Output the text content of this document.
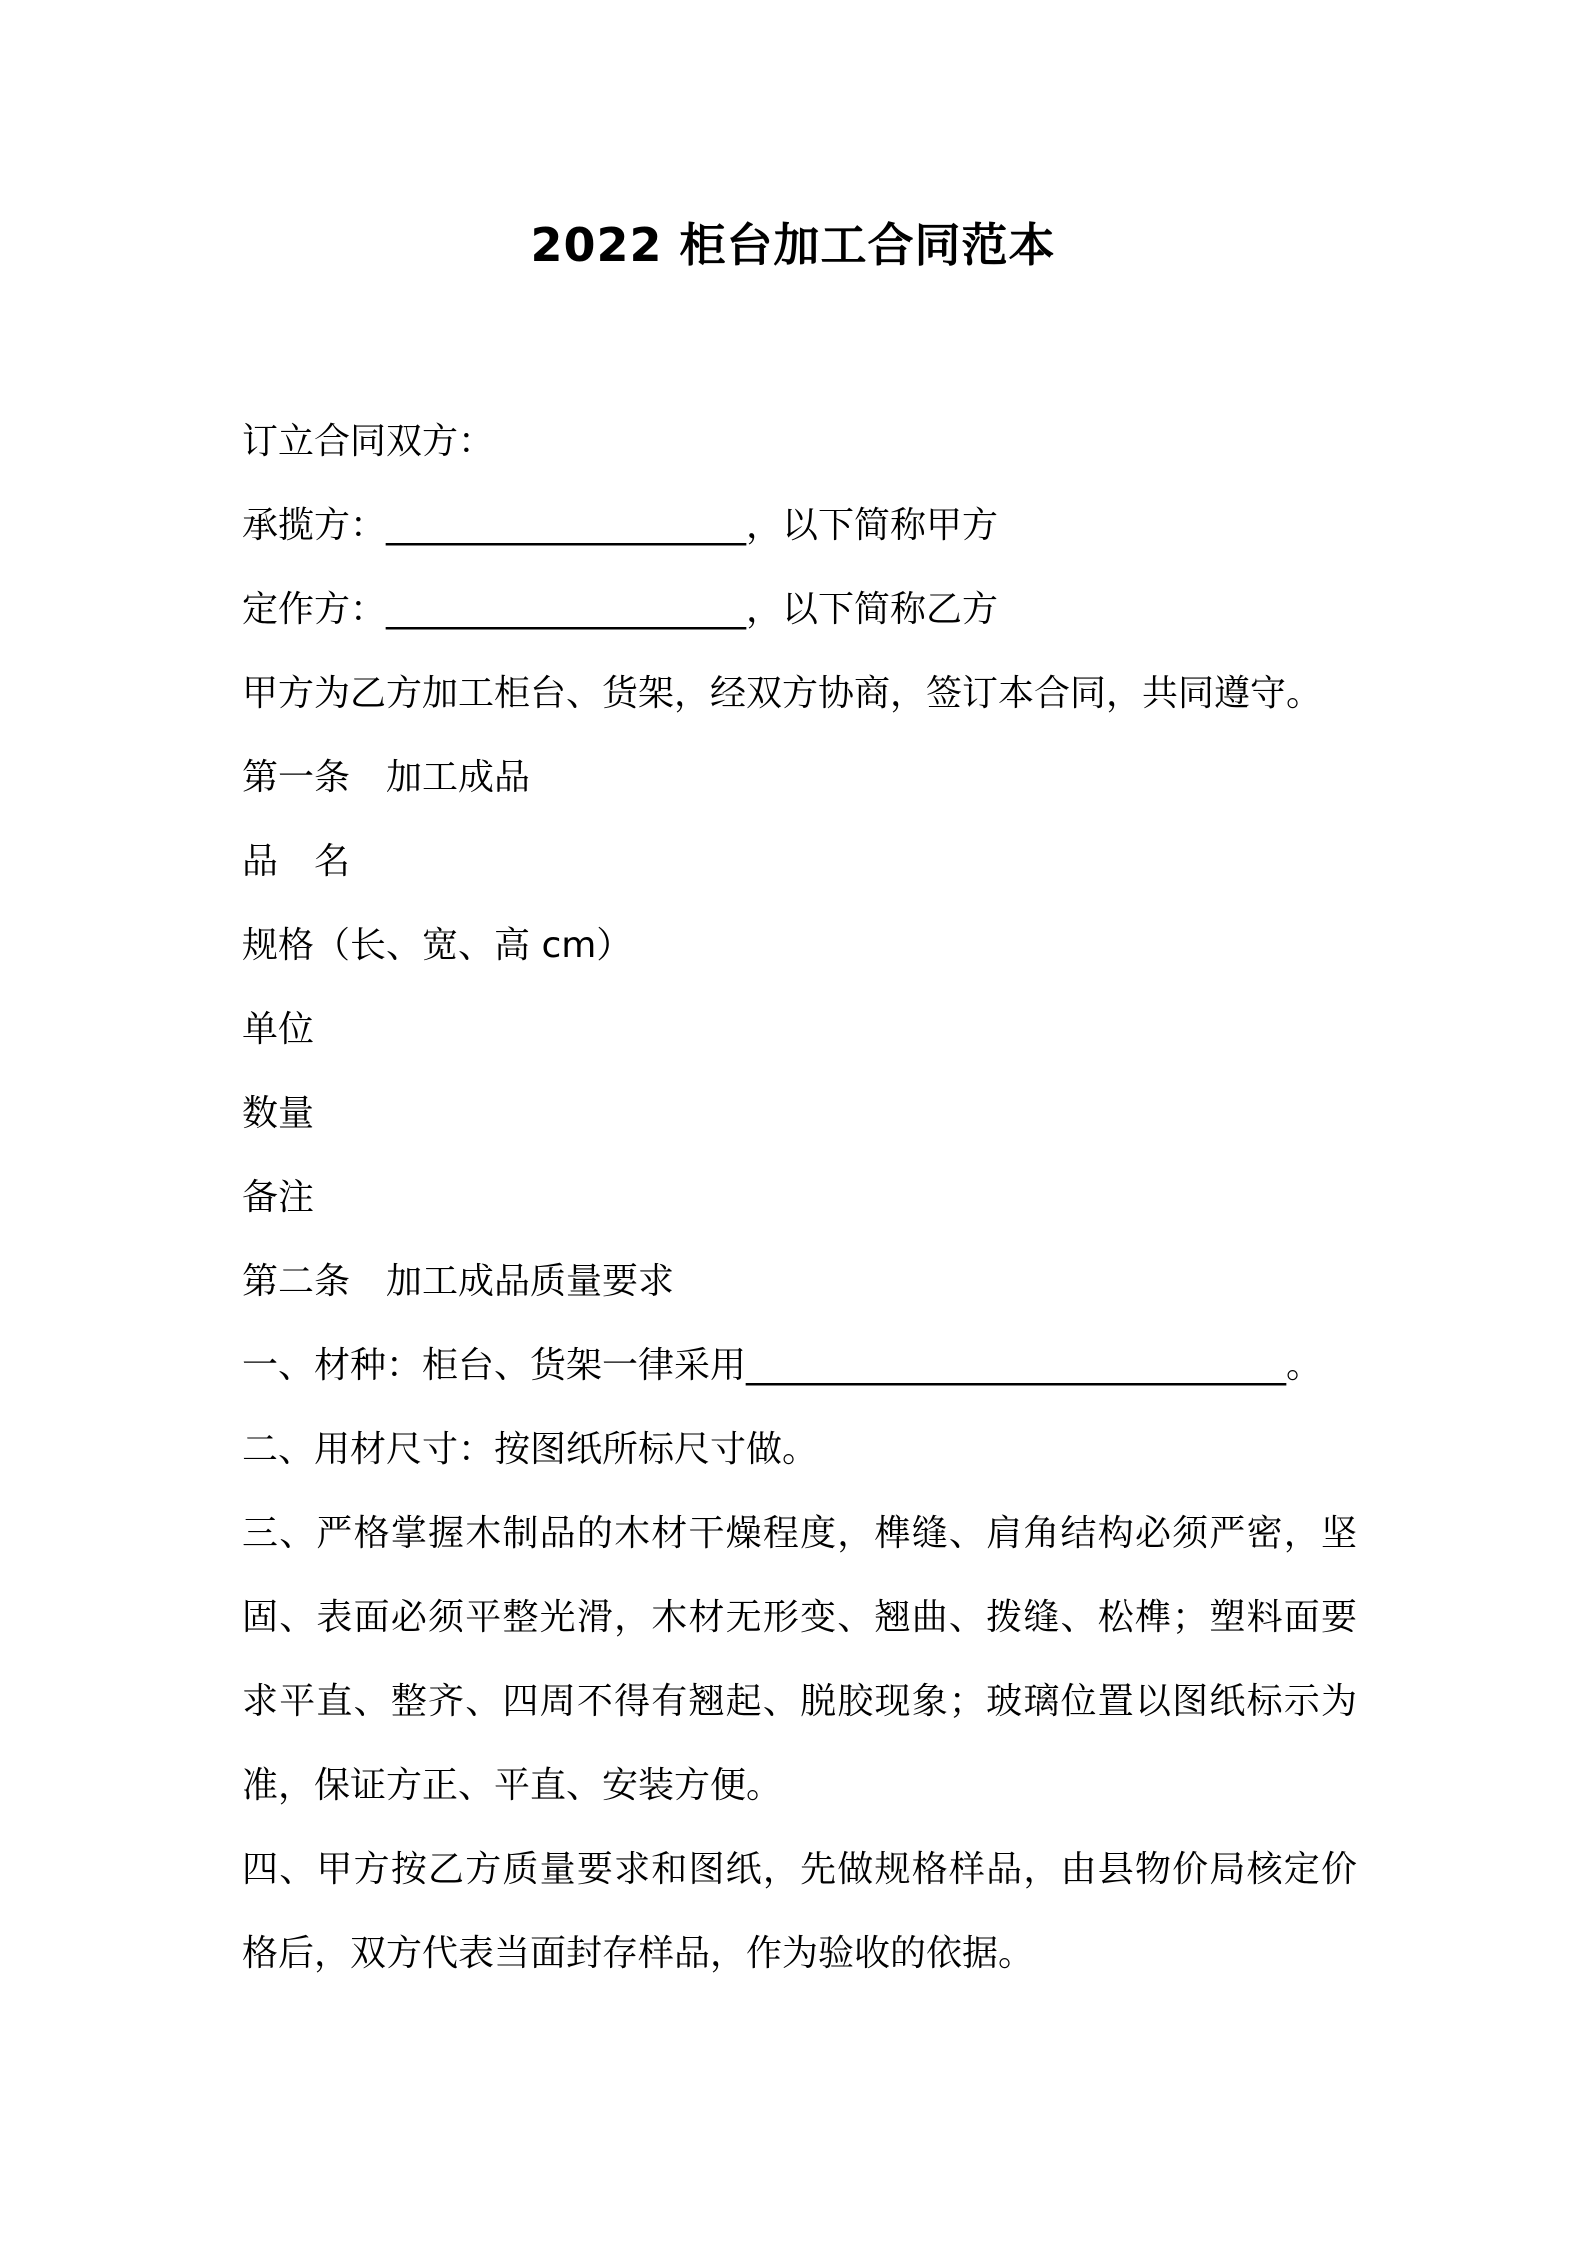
2022 柜台加工合同范本

订立合同双方：

承揽方：____________________，以下简称甲方

定作方：____________________，以下简称乙方

甲方为乙方加工柜台、货架，经双方协商，签订本合同，共同遵守。

第一条　加工成品

品　名

规格（长、宽、高 cm）

单位

数量

备注

第二条　加工成品质量要求

一、材种：柜台、货架一律采用______________________________。

二、用材尺寸：按图纸所标尺寸做。

三、严格掌握木制品的木材干燥程度，榫缝、肩角结构必须严密，坚固、表面必须平整光滑，木材无形变、翘曲、拨缝、松榫；塑料面要求平直、整齐、四周不得有翘起、脱胶现象；玻璃位置以图纸标示为准，保证方正、平直、安装方便。

四、甲方按乙方质量要求和图纸，先做规格样品，由县物价局核定价格后，双方代表当面封存样品，作为验收的依据。
